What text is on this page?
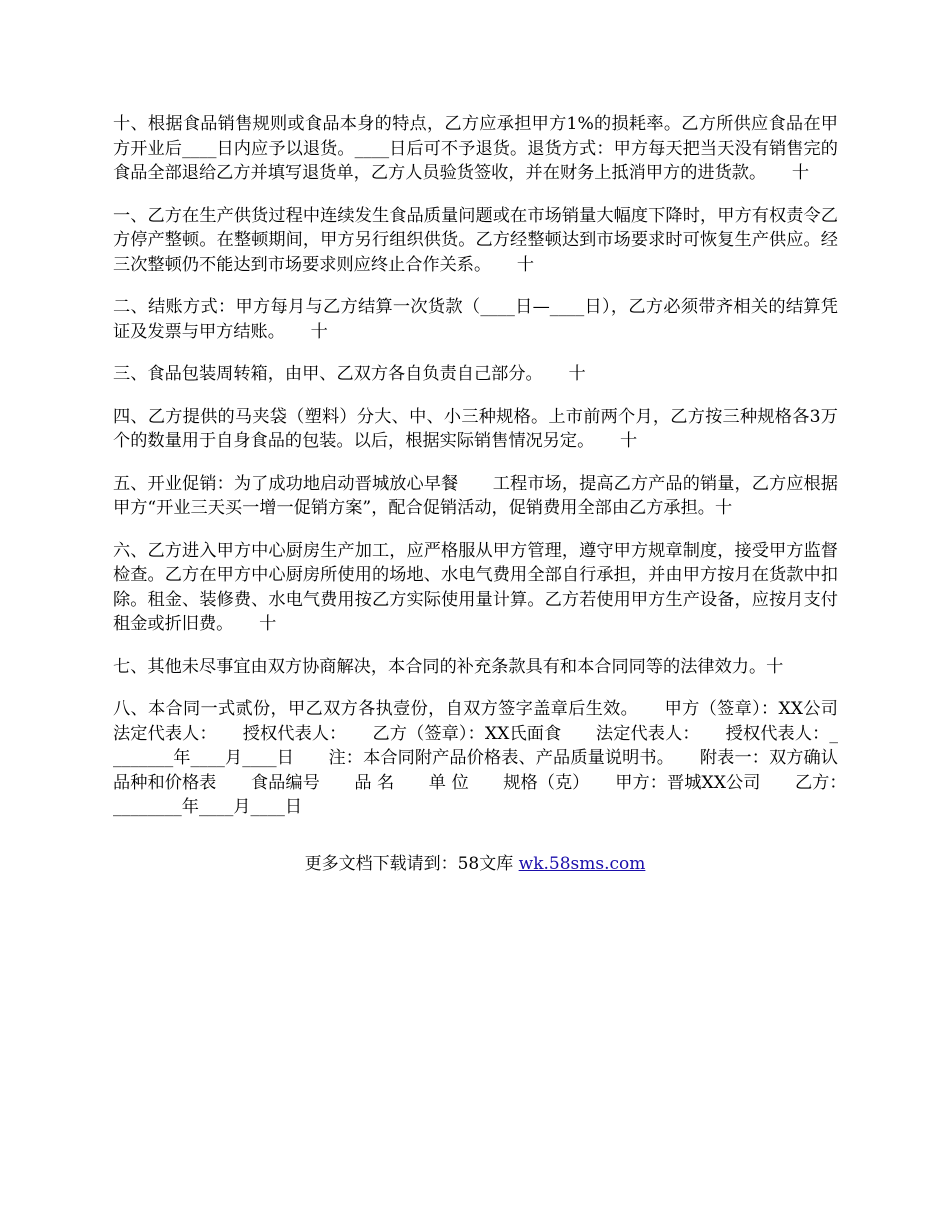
十、根据食品销售规则或食品本身的特点，乙方应承担甲方1%的损耗率。乙方所供应食品在甲方开业后____日内应予以退货。____日后可不予退货。退货方式：甲方每天把当天没有销售完的食品全部退给乙方并填写退货单，乙方人员验货签收，并在财务上抵消甲方的进货款。　　十

一、乙方在生产供货过程中连续发生食品质量问题或在市场销量大幅度下降时，甲方有权责令乙方停产整顿。在整顿期间，甲方另行组织供货。乙方经整顿达到市场要求时可恢复生产供应。经三次整顿仍不能达到市场要求则应终止合作关系。　　十

二、结账方式：甲方每月与乙方结算一次货款（____日—____日），乙方必须带齐相关的结算凭证及发票与甲方结账。　　十

三、食品包装周转箱，由甲、乙双方各自负责自己部分。　　十

四、乙方提供的马夹袋（塑料）分大、中、小三种规格。上市前两个月，乙方按三种规格各3万个的数量用于自身食品的包装。以后，根据实际销售情况另定。　　十

五、开业促销：为了成功地启动晋城放心早餐　　工程市场，提高乙方产品的销量，乙方应根据甲方“开业三天买一增一促销方案”，配合促销活动，促销费用全部由乙方承担。十

六、乙方进入甲方中心厨房生产加工，应严格服从甲方管理，遵守甲方规章制度，接受甲方监督检查。乙方在甲方中心厨房所使用的场地、水电气费用全部自行承担，并由甲方按月在货款中扣除。租金、装修费、水电气费用按乙方实际使用量计算。乙方若使用甲方生产设备，应按月支付租金或折旧费。　　十

七、其他未尽事宜由双方协商解决，本合同的补充条款具有和本合同同等的法律效力。十

八、本合同一式贰份，甲乙双方各执壹份，自双方签字盖章后生效。　　甲方（签章）：XX公司　　法定代表人：　　授权代表人：　　乙方（签章）：XX氏面食　　法定代表人：　　授权代表人：________年____月____日　　注：本合同附产品价格表、产品质量说明书。　　附表一：双方确认品种和价格表　　食品编号　　品 名　　单 位　　规格（克）　　甲方：晋城XX公司　　乙方：　　________年____月____日

更多文档下载请到：58文库 wk.58sms.com
